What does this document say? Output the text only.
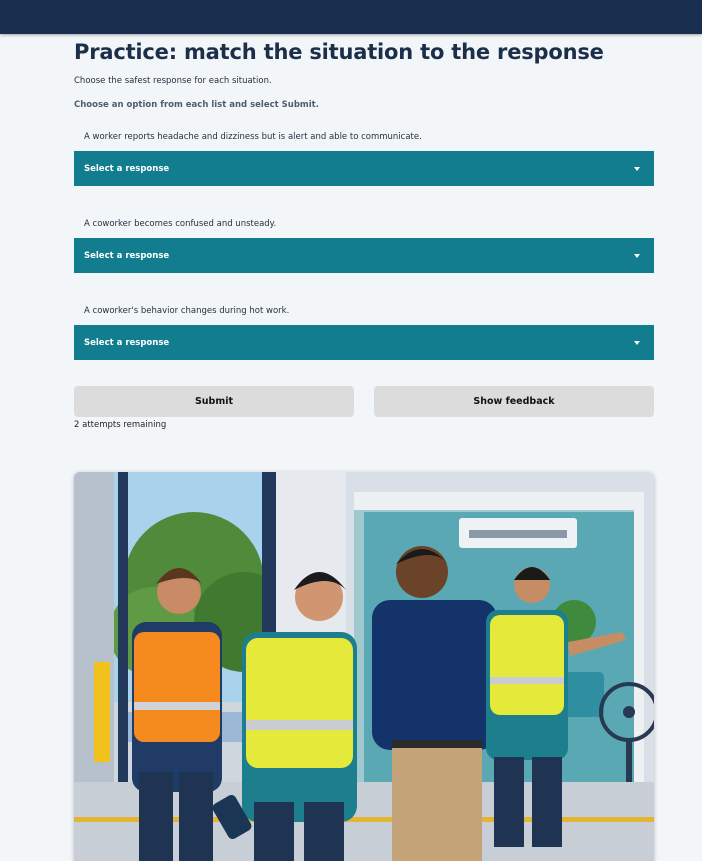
Practice: match the situation to the response

Choose the safest response for each situation.

Choose an option from each list and select Submit.

A worker reports headache and dizziness but is alert and able to communicate.

Select a response

A coworker becomes confused and unsteady.

Select a response

A coworker's behavior changes during hot work.

Select a response
Submit	Show feedback

2 attempts remaining
